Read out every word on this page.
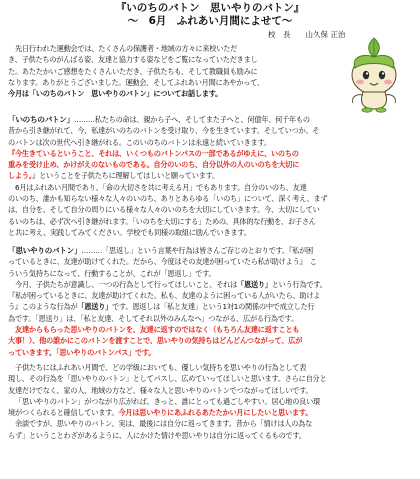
『いのちのバトン　思いやりのバトン』
～　6月　ふれあい月間によせて～
校　長　　山久保 正治

先日行われた運動会では、たくさんの保護者・地域の方々に来校いただ

き、子供たちのがんばる姿、友達と協力する姿などをご覧になっていただきまし

た。あたたかいご感想をたくさんいただき、子供たちも、そして教職員も励みに

なります。ありがとうございました。運動会、そしてふれあい月間にあやかって、

今月は「いのちのバトン　思いやりのバトン」についてお話します。

「いのちのバトン」………私たちの命は、親から子へ、そしてまた子へと、何億年、何千年もの

昔から引き継がれて、今、私達がいのちのバトンを受け取り、今を生きています。そしていつか、そ

のバトンは次の世代へ引き継がれる。このいのちのバトンは永遠と続いていきます。

『今生きているということ、それは、いくつものバトンパスの一部であるがゆえに、いのちの

重みを受け止め、かけがえのないものである。自分のいのち、自分以外の人のいのちを大切に

しよう。』ということを子供たちに理解してほしいと願っています。

6月はふれあい月間であり、「命の大切さを共に考える月」でもあります。自分のいのち、友達

のいのち、誰かも知らない様々な人々のいのち、ありとあらゆる「いのち」について、深く考え、まず

は、自分を、そして自分の周りにいる様々な人々のいのちを大切にしていきます。今、大切にしてい

るいのちは、必ず次へ引き継がれます。「いのちを大切にする」ための、具体的な行動を、お子さん

と共に考え、実践してみてください。学校でも同様の取組に励んでいきます。

「思いやりのバトン」………「思返し」という言葉や行為は皆さんご存じのとおりです。『私が困

っているときに、友達が助けてくれた。だから、今度はその友達が困っていたら私が助けよう』　こ

ういう気持ちになって、行動することが、これが「恩返し」です。

今月、子供たちが意識し、一つの行為として行ってほしいこと、それは「恩送り」という行為です。

『私が困っているときに、友達が助けてくれた。私も、友達のように困っている人がいたら、助けよ

う』このような行為が「恩送り」です。恩返しは「私と友達」という1対1の関係の中で成立した行

為です。「恩送り」は、「私と友達、そしてそれ以外のみんなへ」つながる、広がる行為です。

友達からもらった思いやりのバトンを、友達に返すのではなく（もちろん友達に返すことも

大事！）、他の誰かにこのバトンを渡すことで、思いやりの気持ちはどんどんつながって、広が

っていきます。「思いやりのバトンパス」です。

子供たちにはふれあい月間で、どの学級においても、優しい気持ちを思いやりの行為として表

現し、その行為を「思いやりのバトン」としてパスし、広めていってほしいと思います。さらに自分と

友達だけでなく、家の人、地域の方など、様々な人と思いやりのバトンでつながってほしいです。

「思いやりのバトン」がつながり広がれば、きっと、誰にとっても過ごしやすい、居心地の良い環

境がつくられると確信しています。今月は思いやりにあふれるあたたかい月にしたいと思います。

余談ですが、思いやりのバトン、実は、最後には自分に返ってきます。昔から「情けは人の為な

らず」ということわざがあるように、人にかけた情けや思いやりは自分に返ってくるものです。
